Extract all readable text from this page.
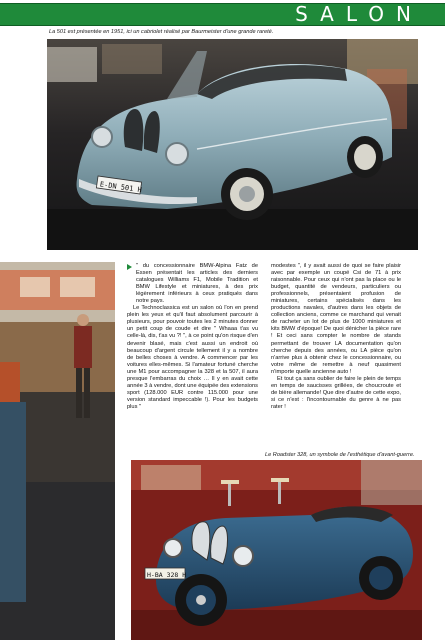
SALON
La 501 est présentée en 1951, ici un cabriolet réalisé par Baurmeister d'une grande rareté.
E-DN 501 H

" du concessionnaire BMW-Alpina Fatz de Essen présentait les articles des derniers catalogues Williams F1, Mobile Tradition et BMW Lifestyle et miniatures, à des prix légèrement inférieurs à ceux pratiqués dans notre pays.

Le Technoclassica est un salon où l'on en prend plein les yeux et qu'il faut absolument parcourir à plusieurs, pour pouvoir toutes les 2 minutes donner un petit coup de coude et dire " Whaaa t'as vu celle-là, dis, t'as vu ?! ", à ce point qu'on risque d'en devenir blasé, mais c'est aussi un endroit où beaucoup d'argent circule tellement il y a nombre de belles choses à vendre. A commencer par les voitures elles-mêmes. Si l'amateur fortuné cherche une M1 pour accompagner la 328 et la 507, il aura presque l'embarras du choix … Il y en avait cette année 3 à vendre, dont une équipée des extensions sport (128.000 EUR contre 115.000 pour une version standard impeccable !). Pour les budgets plus "

modestes ", il y avait aussi de quoi se faire plaisir avec par exemple un coupé Csi de 71 à prix raisonnable. Pour ceux qui n'ont pas la place ou le budget, quantité de vendeurs, particuliers ou professionnels, présentaient profusion de miniatures, certains spécialisés dans les productions navales, d'autres dans les objets de collection anciens, comme ce marchand qui venait de racheter un lot de plus de 1000 miniatures et kits BMW d'époque! De quoi dénicher la pièce rare ! Et ceci sans compter le nombre de stands permettant de trouver LA documentation qu'on cherche depuis des années, ou LA pièce qu'on n'arrive plus à obtenir chez le concessionnaire, ou votre même de remettre à neuf quasiment n'importe quelle ancienne auto !

Et tout ça sans oublier de faire le plein de temps en temps de saucisses grillées, de choucroute et de bière allemande! Que dire d'autre de cette expo, si ce n'est : l'incontournable du genre à ne pas rater !

Le Roadster 328, un symbole de l'esthétique d'avant-guerre.
H-BA 328 H
